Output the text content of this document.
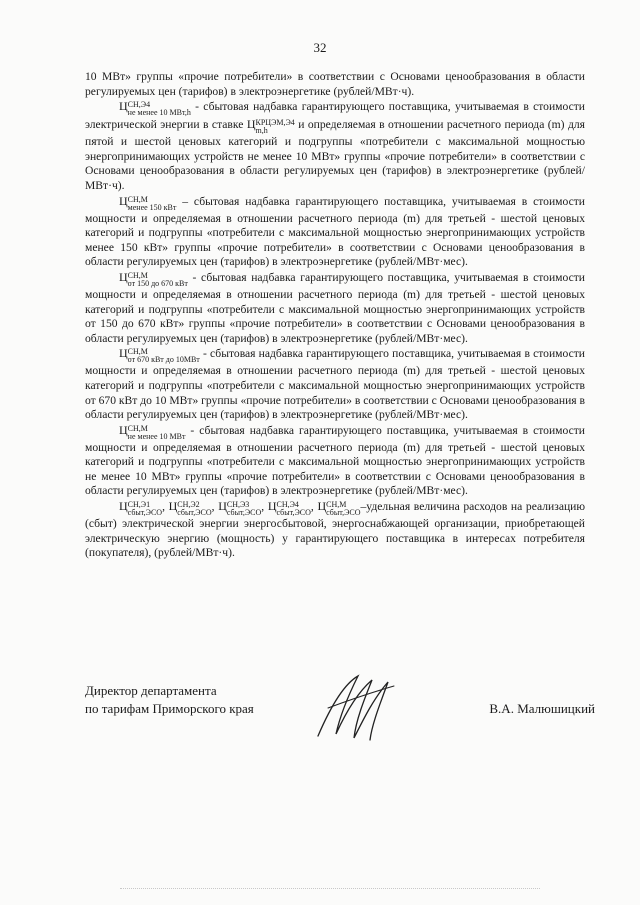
32

10 МВт» группы «прочие потребители» в соответствии с Основами ценообразования в области регулируемых цен (тарифов) в электроэнергетике (рублей/МВт·ч).

Ц СН,Э4
не менее 10 МВт,h - сбытовая надбавка гарантирующего поставщика, учитываемая в стоимости электрической энергии в ставке Ц КРЦЭМ,Э4
m,h	и определяемая в отношении расчетного периода (m) для пятой и шестой ценовых категорий и подгруппы «потребители с максимальной мощностью энергопринимающих устройств не менее 10 МВт» группы «прочие потребители» в соответствии с Основами ценообразования в области регулируемых цен (тарифов) в электроэнергетике (рублей/МВт·ч).

Ц СН,М
менее 150 кВт – сбытовая надбавка гарантирующего поставщика, учитываемая в стоимости мощности и определяемая в отношении расчетного периода (m) для третьей - шестой ценовых категорий и подгруппы «потребители с максимальной мощностью энергопринимающих устройств менее 150 кВт» группы «прочие потребители» в соответствии с Основами ценообразования в области регулируемых цен (тарифов) в электроэнергетике (рублей/МВт·мес).

Ц СН,М
от 150 до 670 кВт - сбытовая надбавка гарантирующего поставщика, учитываемая в стоимости мощности и определяемая в отношении расчетного периода (m) для третьей - шестой ценовых категорий и подгруппы «потребители с максимальной мощностью энергопринимающих устройств от 150 до 670 кВт» группы «прочие потребители» в соответствии с Основами ценообразования в области регулируемых цен (тарифов) в электроэнергетике (рублей/МВт·мес).

Ц СН,М
от 670 кВт до 10МВт - сбытовая надбавка гарантирующего поставщика, учитываемая в стоимости мощности и определяемая в отношении расчетного периода (m) для третьей - шестой ценовых категорий и подгруппы «потребители с максимальной мощностью энергопринимающих устройств от 670 кВт до 10 МВт» группы «прочие потребители» в соответствии с Основами ценообразования в области регулируемых цен (тарифов) в электроэнергетике (рублей/МВт·мес).

Ц СН,М
не менее 10 МВт - сбытовая надбавка гарантирующего поставщика, учитываемая в стоимости мощности и определяемая в отношении расчетного периода (m) для третьей - шестой ценовых категорий и подгруппы «потребители с максимальной мощностью энергопринимающих устройств не менее 10 МВт» группы «прочие потребители» в соответствии с Основами ценообразования в области регулируемых цен (тарифов) в электроэнергетике (рублей/МВт·мес).

Ц СН,Э1
сбыт,ЭСО , Ц СН,Э2
сбыт,ЭСО , Ц СН,Э3
сбыт,ЭСО , Ц СН,Э4
сбыт,ЭСО , Ц СН,М
сбыт,ЭСО –удельная величина расходов на реализацию (сбыт) электрической энергии энергосбытовой, энергоснабжающей организации, приобретающей электрическую энергию (мощность) у гарантирующего поставщика в интересах потребителя (покупателя), (рублей/МВт·ч).

Директор департамента
по тарифам Приморского края	В.А. Малюшицкий
